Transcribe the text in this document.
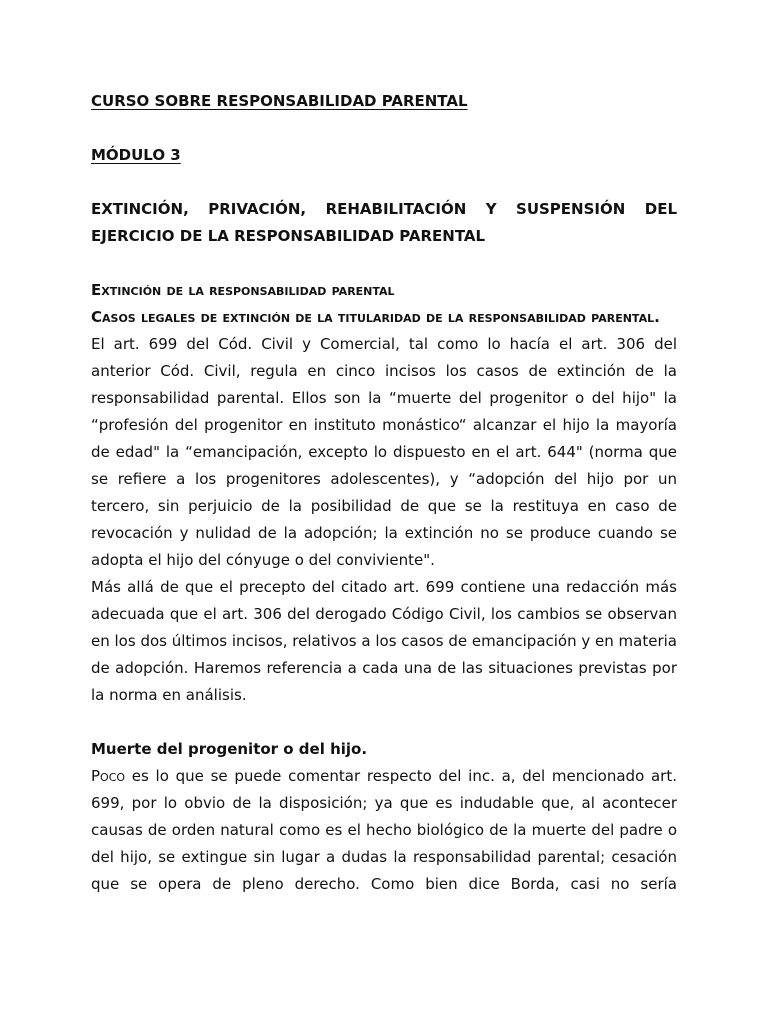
CURSO SOBRE RESPONSABILIDAD PARENTAL
MÓDULO 3
EXTINCIÓN, PRIVACIÓN, REHABILITACIÓN Y SUSPENSIÓN DEL EJERCICIO DE LA RESPONSABILIDAD PARENTAL
Extinción de la responsabilidad parental
Casos legales de extinción de la titularidad de la responsabilidad parental.

El art. 699 del Cód. Civil y Comercial, tal como lo hacía el art. 306 del anterior Cód. Civil, regula en cinco incisos los casos de extinción de la responsabilidad parental. Ellos son la “muerte del progenitor o del hijo" la “profesión del progenitor en instituto monástico“ alcanzar el hijo la mayoría de edad" la “emancipación, excepto lo dispuesto en el art. 644" (norma que se refiere a los progenitores adolescentes), y “adopción del hijo por un tercero, sin perjuicio de la posibilidad de que se la restituya en caso de revocación y nulidad de la adopción; la extinción no se produce cuando se adopta el hijo del cónyuge o del conviviente".

Más allá de que el precepto del citado art. 699 contiene una redacción más adecuada que el art. 306 del derogado Código Civil, los cambios se observan en los dos últimos incisos, relativos a los casos de emancipación y en materia de adopción. Haremos referencia a cada una de las situaciones previstas por la norma en análisis.

Muerte del progenitor o del hijo.

Poco es lo que se puede comentar respecto del inc. a, del mencionado art. 699, por lo obvio de la disposición; ya que es indudable que, al acontecer causas de orden natural como es el hecho biológico de la muerte del padre o del hijo, se extingue sin lugar a dudas la responsabilidad parental; cesación que se opera de pleno derecho. Como bien dice Borda, casi no sería
